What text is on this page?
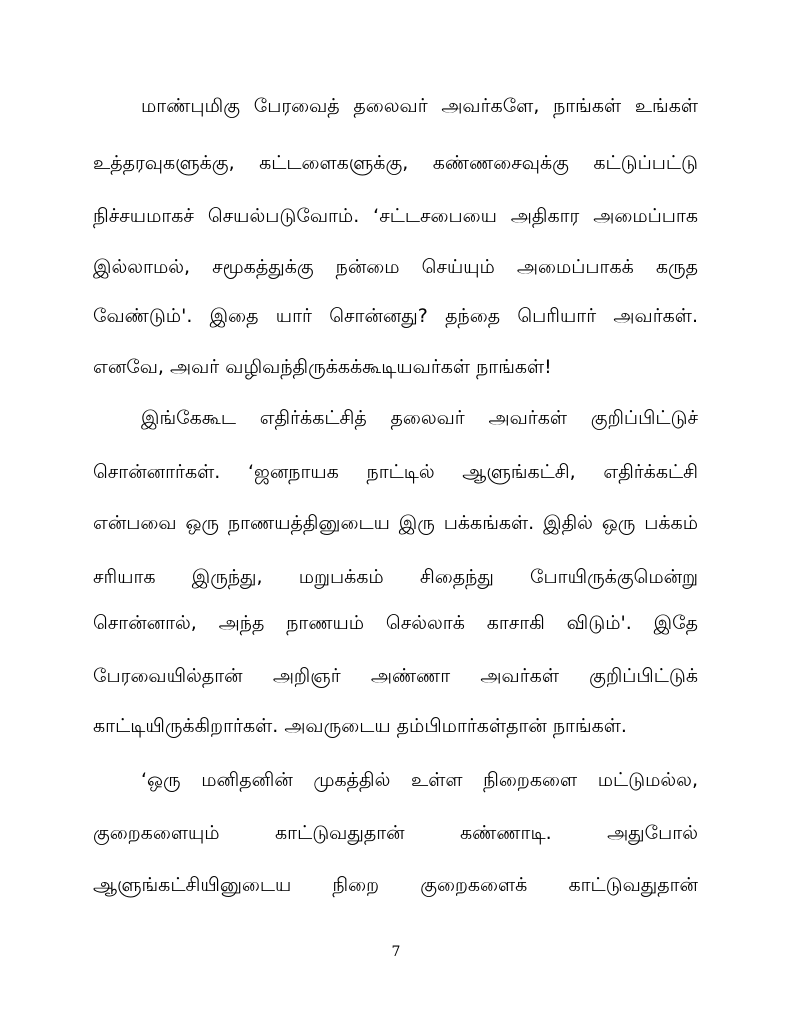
மாண்புமிகு பேரவைத் தலைவர் அவர்களே, நாங்கள் உங்கள்
உத்தரவுகளுக்கு, கட்டளைகளுக்கு, கண்ணசைவுக்கு கட்டுப்பட்டு
நிச்சயமாகச் செயல்படுவோம். ‘சட்டசபையை அதிகார அமைப்பாக
இல்லாமல், சமூகத்துக்கு நன்மை செய்யும் அமைப்பாகக் கருத
வேண்டும்'. இதை யார் சொன்னது? தந்தை பெரியார் அவர்கள்.
எனவே, அவர் வழிவந்திருக்கக்கூடியவர்கள் நாங்கள்!
இங்கேகூட எதிர்க்கட்சித் தலைவர் அவர்கள் குறிப்பிட்டுச்
சொன்னார்கள். ‘ஜனநாயக நாட்டில் ஆளுங்கட்சி, எதிர்க்கட்சி
என்பவை ஒரு நாணயத்தினுடைய இரு பக்கங்கள். இதில் ஒரு பக்கம்
சரியாக இருந்து, மறுபக்கம் சிதைந்து போயிருக்குமென்று
சொன்னால், அந்த நாணயம் செல்லாக் காசாகி விடும்'. இதே
பேரவையில்தான் அறிஞர் அண்ணா அவர்கள் குறிப்பிட்டுக்
காட்டியிருக்கிறார்கள். அவருடைய தம்பிமார்கள்தான் நாங்கள்.
‘ஒரு மனிதனின் முகத்தில் உள்ள நிறைகளை மட்டுமல்ல,
குறைகளையும் காட்டுவதுதான் கண்ணாடி. அதுபோல்
ஆளுங்கட்சியினுடைய நிறை குறைகளைக் காட்டுவதுதான்
7
